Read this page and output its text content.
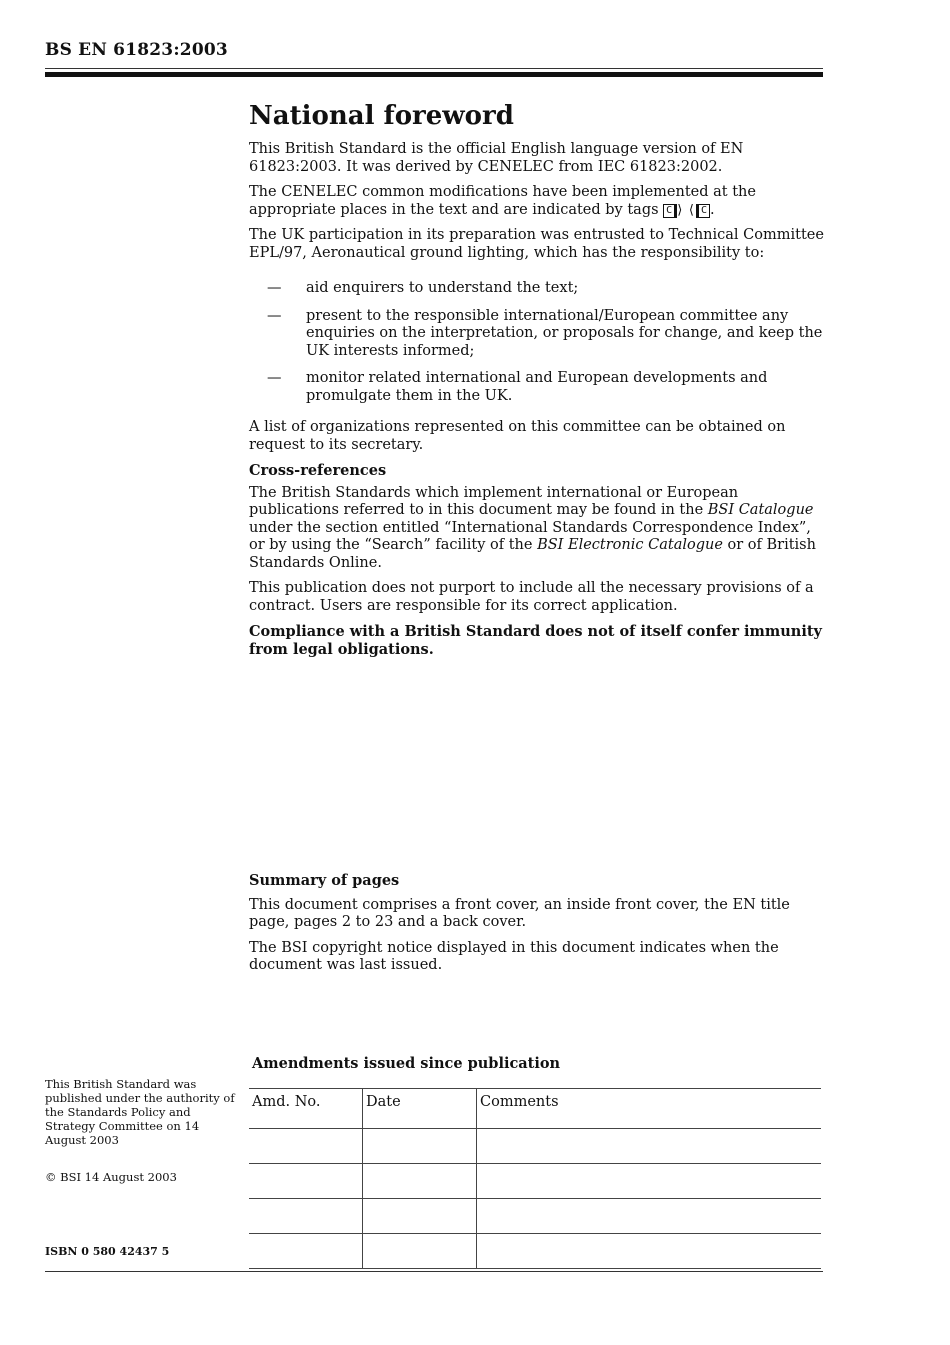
BS EN 61823:2003
National foreword

This British Standard is the official English language version of EN 61823:2003. It was derived by CENELEC from IEC 61823:2002.

The CENELEC common modifications have been implemented at the appropriate places in the text and are indicated by tags C ⟩ ⟨ C .

The UK participation in its preparation was entrusted to Technical Committee EPL/97, Aeronautical ground lighting, which has the responsibility to:

—	aid enquirers to understand the text;
—	present to the responsible international/European committee any enquiries on the interpretation, or proposals for change, and keep the UK interests informed;
—	monitor related international and European developments and promulgate them in the UK.

A list of organizations represented on this committee can be obtained on request to its secretary.

Cross-references

The British Standards which implement international or European publications referred to in this document may be found in the BSI Catalogue under the section entitled “International Standards Correspondence Index”, or by using the “Search” facility of the BSI Electronic Catalogue or of British Standards Online.

This publication does not purport to include all the necessary provisions of a contract. Users are responsible for its correct application.

Compliance with a British Standard does not of itself confer immunity from legal obligations.

Summary of pages

This document comprises a front cover, an inside front cover, the EN title page, pages 2 to 23 and a back cover.

The BSI copyright notice displayed in this document indicates when the document was last issued.

This British Standard was published under the authority of the Standards Policy and Strategy Committee on 14 August 2003
© BSI 14 August 2003
ISBN 0 580 42437 5
Amendments issued since publication
Amd. No.	Date	Comments
